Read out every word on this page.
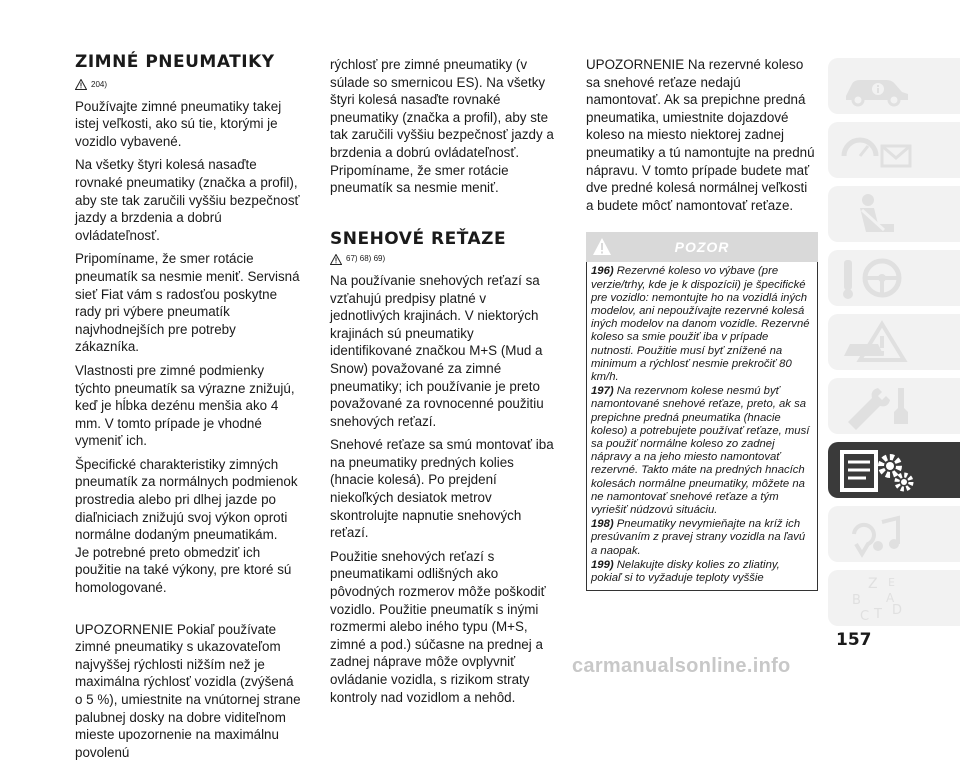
ZIMNÉ PNEUMATIKY
204)

Používajte zimné pneumatiky takej istej veľkosti, ako sú tie, ktorými je vozidlo vybavené.

Na všetky štyri kolesá nasaďte rovnaké pneumatiky (značka a profil), aby ste tak zaručili vyššiu bezpečnosť jazdy a brzdenia a dobrú ovládateľnosť.

Pripomíname, že smer rotácie pneumatík sa nesmie meniť. Servisná sieť Fiat vám s radosťou poskytne rady pri výbere pneumatík najvhodnejších pre potreby zákazníka.

Vlastnosti pre zimné podmienky týchto pneumatík sa výrazne znižujú, keď je hĺbka dezénu menšia ako 4 mm. V tomto prípade je vhodné vymeniť ich.

Špecifické charakteristiky zimných pneumatík za normálnych podmienok prostredia alebo pri dlhej jazde po diaľniciach znižujú svoj výkon oproti normálne dodaným pneumatikám.

Je potrebné preto obmedziť ich použitie na také výkony, pre ktoré sú homologované.

UPOZORNENIE Pokiaľ používate zimné pneumatiky s ukazovateľom najvyššej rýchlosti nižším než je maximálna rýchlosť vozidla (zvýšená o 5 %), umiestnite na vnútornej strane palubnej dosky na dobre viditeľnom mieste upozornenie na maximálnu povolenú

rýchlosť pre zimné pneumatiky (v súlade so smernicou ES). Na všetky štyri kolesá nasaďte rovnaké pneumatiky (značka a profil), aby ste tak zaručili vyššiu bezpečnosť jazdy a brzdenia a dobrú ovládateľnosť. Pripomíname, že smer rotácie pneumatík sa nesmie meniť.

SNEHOVÉ REŤAZE
67) 68) 69)

Na používanie snehových reťazí sa vzťahujú predpisy platné v jednotlivých krajinách. V niektorých krajinách sú pneumatiky identifikované značkou M+S (Mud a Snow) považované za zimné pneumatiky; ich používanie je preto považované za rovnocenné použitiu snehových reťazí.

Snehové reťaze sa smú montovať iba na pneumatiky predných kolies (hnacie kolesá). Po prejdení niekoľkých desiatok metrov skontrolujte napnutie snehových reťazí.

Použitie snehových reťazí s pneumatikami odlišných ako pôvodných rozmerov môže poškodiť vozidlo. Použitie pneumatík s inými rozmermi alebo iného typu (M+S, zimné a pod.) súčasne na prednej a zadnej náprave môže ovplyvniť ovládanie vozidla, s rizikom straty kontroly nad vozidlom a nehôd.

UPOZORNENIE Na rezervné koleso sa snehové reťaze nedajú namontovať. Ak sa prepichne predná pneumatika, umiestnite dojazdové koleso na miesto niektorej zadnej pneumatiky a tú namontujte na prednú nápravu. V tomto prípade budete mať dve predné kolesá normálnej veľkosti a budete môcť namontovať reťaze.

POZOR

196) Rezervné koleso vo výbave (pre verzie/trhy, kde je k dispozícii) je špecifické pre vozidlo: nemontujte ho na vozidlá iných modelov, ani nepoužívajte rezervné kolesá iných modelov na danom vozidle. Rezervné koleso sa smie použiť iba v prípade nutnosti. Použitie musí byť znížené na minimum a rýchlosť nesmie prekročiť 80 km/h.

197) Na rezervnom kolese nesmú byť namontované snehové reťaze, preto, ak sa prepichne predná pneumatika (hnacie koleso) a potrebujete používať reťaze, musí sa použiť normálne koleso zo zadnej nápravy a na jeho miesto namontovať rezervné. Takto máte na predných hnacích kolesách normálne pneumatiky, môžete na ne namontovať snehové reťaze a tým vyriešiť núdzovú situáciu.

198) Pneumatiky nevymieňajte na kríž ich presúvaním z pravej strany vozidla na ľavú a naopak.

199) Nelakujte disky kolies zo zliatiny, pokiaľ si to vyžaduje teploty vyššie	Z E
B
C T D
A
157
carmanualsonline.info
